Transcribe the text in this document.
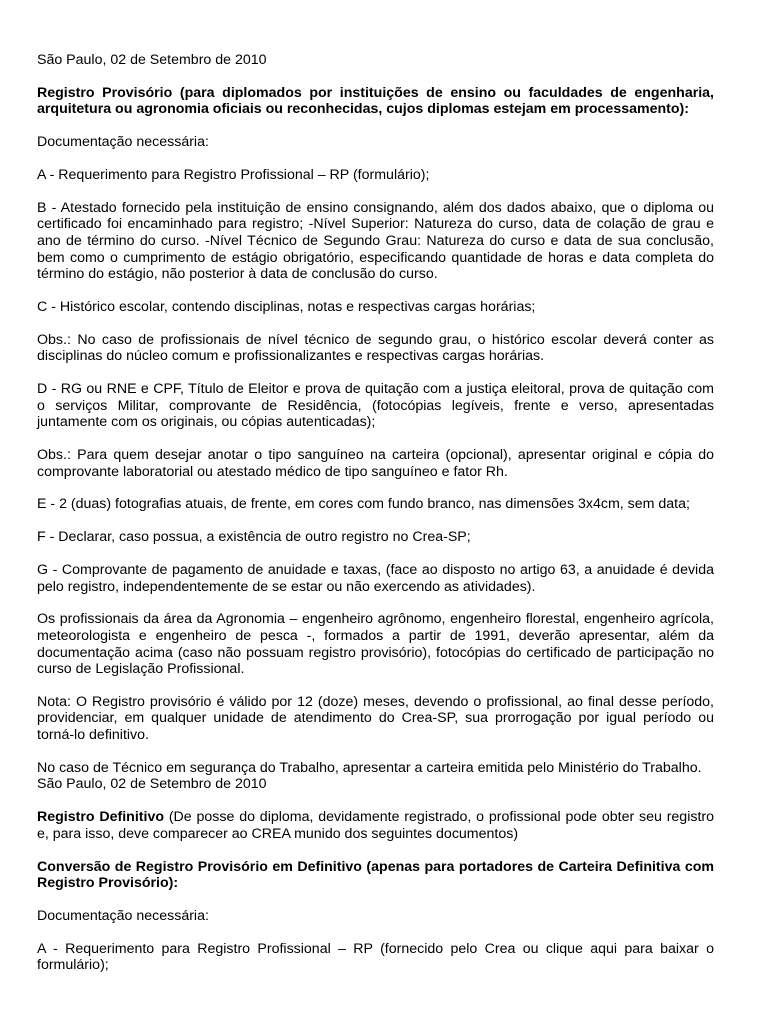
São Paulo, 02 de Setembro de 2010

Registro Provisório (para diplomados por instituições de ensino ou faculdades de engenharia, arquitetura ou agronomia oficiais ou reconhecidas, cujos diplomas estejam em processamento):

Documentação necessária:

A - Requerimento para Registro Profissional – RP (formulário);

B - Atestado fornecido pela instituição de ensino consignando, além dos dados abaixo, que o diploma ou certificado foi encaminhado para registro; -Nível Superior: Natureza do curso, data de colação de grau e ano de término do curso. -Nível Técnico de Segundo Grau: Natureza do curso e data de sua conclusão, bem como o cumprimento de estágio obrigatório, especificando quantidade de horas e data completa do término do estágio, não posterior à data de conclusão do curso.

C - Histórico escolar, contendo disciplinas, notas e respectivas cargas horárias;

Obs.: No caso de profissionais de nível técnico de segundo grau, o histórico escolar deverá conter as disciplinas do núcleo comum e profissionalizantes e respectivas cargas horárias.

D - RG ou RNE e CPF, Título de Eleitor e prova de quitação com a justiça eleitoral, prova de quitação com o serviços Militar, comprovante de Residência, (fotocópias legíveis, frente e verso, apresentadas juntamente com os originais, ou cópias autenticadas);

Obs.: Para quem desejar anotar o tipo sanguíneo na carteira (opcional), apresentar original e cópia do comprovante laboratorial ou atestado médico de tipo sanguíneo e fator Rh.

E - 2 (duas) fotografias atuais, de frente, em cores com fundo branco, nas dimensões 3x4cm, sem data;

F - Declarar, caso possua, a existência de outro registro no Crea-SP;

G - Comprovante de pagamento de anuidade e taxas, (face ao disposto no artigo 63, a anuidade é devida pelo registro, independentemente de se estar ou não exercendo as atividades).

Os profissionais da área da Agronomia – engenheiro agrônomo, engenheiro florestal, engenheiro agrícola, meteorologista e engenheiro de pesca -, formados a partir de 1991, deverão apresentar, além da documentação acima (caso não possuam registro provisório), fotocópias do certificado de participação no curso de Legislação Profissional.

Nota: O Registro provisório é válido por 12 (doze) meses, devendo o profissional, ao final desse período, providenciar, em qualquer unidade de atendimento do Crea-SP, sua prorrogação por igual período ou torná-lo definitivo.

No caso de Técnico em segurança do Trabalho, apresentar a carteira emitida pelo Ministério do Trabalho.

São Paulo, 02 de Setembro de 2010

Registro Definitivo (De posse do diploma, devidamente registrado, o profissional pode obter seu registro e, para isso, deve comparecer ao CREA munido dos seguintes documentos)

Conversão de Registro Provisório em Definitivo (apenas para portadores de Carteira Definitiva com Registro Provisório):

Documentação necessária:

A - Requerimento para Registro Profissional – RP (fornecido pelo Crea ou clique aqui para baixar o formulário);
